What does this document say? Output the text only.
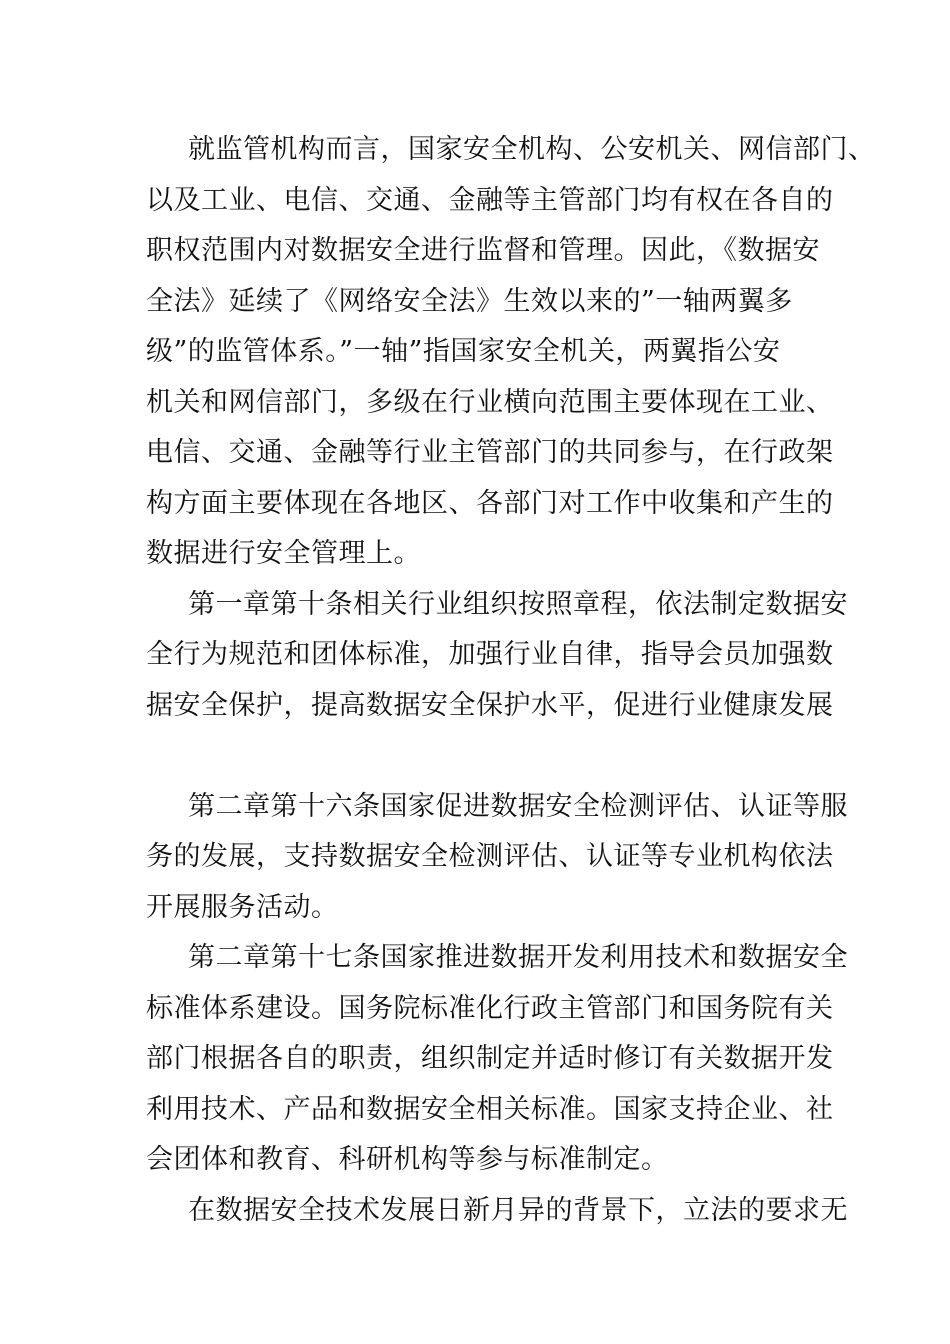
就监管机构而言，国家安全机构、公安机关、网信部门、
以及工业、电信、交通、金融等主管部门均有权在各自的
职权范围内对数据安全进行监督和管理。因此，《数据安
全法》延续了《网络安全法》生效以来的”一轴两翼多
级”的监管体系。”一轴”指国家安全机关，两翼指公安
机关和网信部门，多级在行业横向范围主要体现在工业、
电信、交通、金融等行业主管部门的共同参与，在行政架
构方面主要体现在各地区、各部门对工作中收集和产生的
数据进行安全管理上。
第一章第十条相关行业组织按照章程，依法制定数据安
全行为规范和团体标准，加强行业自律，指导会员加强数
据安全保护，提高数据安全保护水平，促进行业健康发展
第二章第十六条国家促进数据安全检测评估、认证等服
务的发展，支持数据安全检测评估、认证等专业机构依法
开展服务活动。
第二章第十七条国家推进数据开发利用技术和数据安全
标准体系建设。国务院标准化行政主管部门和国务院有关
部门根据各自的职责，组织制定并适时修订有关数据开发
利用技术、产品和数据安全相关标准。国家支持企业、社
会团体和教育、科研机构等参与标准制定。
在数据安全技术发展日新月异的背景下，立法的要求无
